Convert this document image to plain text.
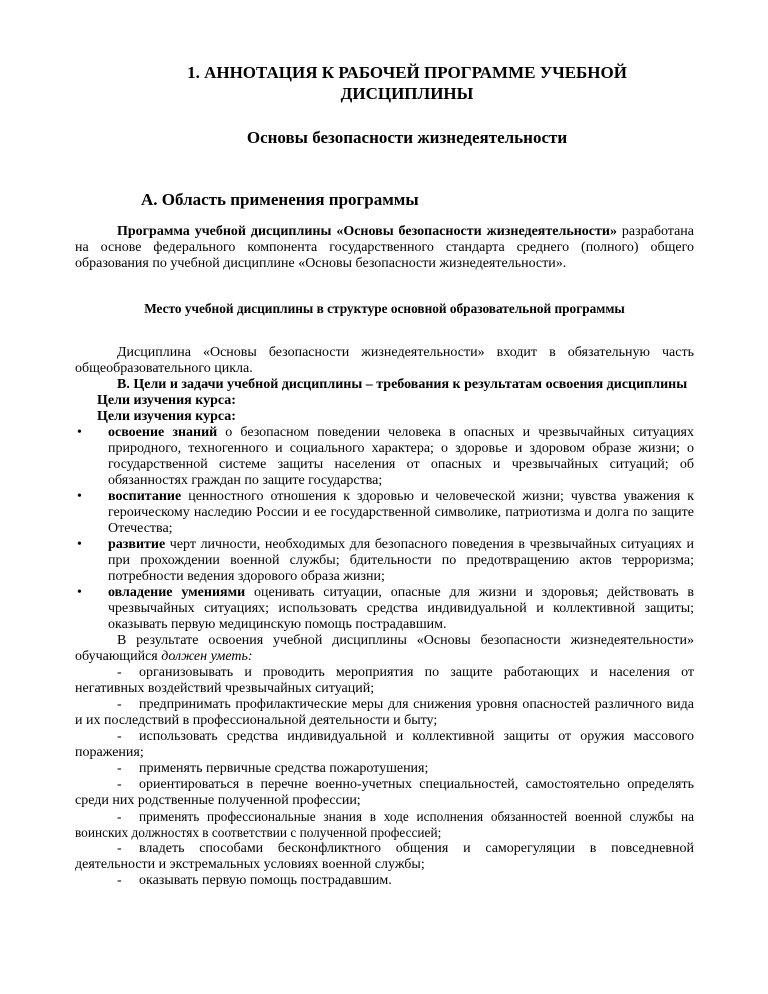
1. АННОТАЦИЯ К РАБОЧЕЙ ПРОГРАММЕ УЧЕБНОЙ
ДИСЦИПЛИНЫ
Основы безопасности жизнедеятельности
А. Область применения программы

Программа учебной дисциплины «Основы безопасности жизнедеятельности» разработана на основе федерального компонента государственного стандарта среднего (полного) общего образования по учебной дисциплине «Основы безопасности жизнедеятельности».

Место учебной дисциплины в структуре основной образовательной программы

Дисциплина «Основы безопасности жизнедеятельности» входит в обязательную часть общеобразовательного цикла.

В. Цели и задачи учебной дисциплины – требования к результатам освоения дисциплины

Цели изучения курса:
Цели изучения курса:
• освоение знаний о безопасном поведении человека в опасных и чрезвычайных ситуациях природного, техногенного и социального характера; о здоровье и здоровом образе жизни; о государственной системе защиты населения от опасных и чрезвычайных ситуаций; об обязанностях граждан по защите государства;
• воспитание ценностного отношения к здоровью и человеческой жизни; чувства уважения к героическому наследию России и ее государственной символике, патриотизма и долга по защите Отечества;
• развитие черт личности, необходимых для безопасного поведения в чрезвычайных ситуациях и при прохождении военной службы; бдительности по предотвращению актов терроризма; потребности ведения здорового образа жизни;
• овладение умениями оценивать ситуации, опасные для жизни и здоровья; действовать в чрезвычайных ситуациях; использовать средства индивидуальной и коллективной защиты; оказывать первую медицинскую помощь пострадавшим.

В результате освоения учебной дисциплины «Основы безопасности жизнедеятельности» обучающийся должен уметь:

- организовывать и проводить мероприятия по защите работающих и населения от негативных воздействий чрезвычайных ситуаций;

- предпринимать профилактические меры для снижения уровня опасностей различного вида и их последствий в профессиональной деятельности и быту;

- использовать средства индивидуальной и коллективной защиты от оружия массового поражения;

- применять первичные средства пожаротушения;

- ориентироваться в перечне военно-учетных специальностей, самостоятельно определять среди них родственные полученной профессии;

- применять профессиональные знания в ходе исполнения обязанностей военной службы на воинских должностях в соответствии с полученной профессией;

- владеть способами бесконфликтного общения и саморегуляции в повседневной деятельности и экстремальных условиях военной службы;

- оказывать первую помощь пострадавшим.
